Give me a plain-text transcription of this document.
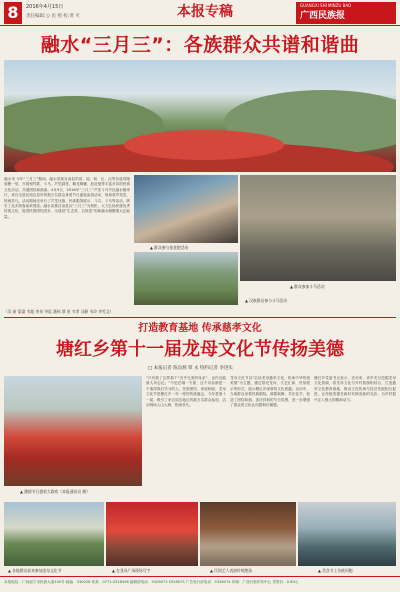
8	2016年4月15日
责任编辑:公 民 照 校:黄 可	本报专稿	GUANGXI SHI MINZU BAO
广西民族报
融水“三月三”：各族群众共谱和谐曲
融水讯 今年“三月三”期间，融水苗族自治县的苗、瑶、侗、壮、汉等各族同胞欢聚一堂，开展相约歌、斗马、芦笙踩堂、舞龙舞狮、抢花炮等丰富多彩的民族文化活动，共谱团结和谐曲。4月9日，2016年“三月三”芦笙斗马节在融水镇举行，来自全县及周边县市的数万名群众身着节日盛装参加活动，现场欢声笑语，热闹非凡。活动期间还举行了芦笙比赛、民族服饰展示、斗鸟、斗马等活动，吸引了众多游客前来观赏。融水苗族自治县以“三月三”为契机，大力弘扬民族优秀传统文化，促进民族团结进步，为建设“生态美、百姓富”的新融水凝聚强大正能量。
（吴 新 梁淑 韦超 李泉 岑思 潘伟 覃 星 韦孝 冯静 韦玲 李雪文）
▲ 群众参与抢花炮活动
▲ 群众参加斗马活动
▲ 汉族群众参与斗马活动
打造教育基地 传承慈孝文化
塘红乡第十一届龙母文化节传扬美德
□ 本报记者 陈良炳 覃 永 特约记者 李进头
▲ 激情节日盛装大联欢（本报通讯员 摄）
“只有做了这样那个“近乎完美的母亲”，也许还能被人所忘记。”不论在哪一方面，这个母亲都是一个值得我们学习的人。民族团结，家庭和睦，龙母文化节是塘红乡一年一度的传统盛会，今年是第十一届，吸引了来自周边地区的数万名群众参加，活动现场人山人海，热闹非凡。
龙母文化节以“弘扬龙母慈孝文化，传承中华传统美德”为主题，通过祭祀龙母、文艺汇演、民俗展示等形式，展示塘红乡深厚的文化底蕴。活动中，当地群众身着民族服装，载歌载舞，共庆佳节，营造了团结和谐、喜庆祥和的节日氛围，进一步增强了群众的文化认同感和归属感。
塘红乡党委书记表示，近年来，该乡充分挖掘龙母文化资源，将龙母文化与乡村旅游相结合，打造慈孝文化教育基地，推动文化传承与经济发展相互促进，让传统美德在新时代焕发新的光彩，为乡村振兴注入强大的精神动力。
▲ 各地群众前来参加龙母文化节	▲ 在龙母广场现场写字	▲ 民间艺人表演传统绝技	▲ 美食节上各族同胞
本报地址：广西南宁市民族大道100号 邮编：530028 传真：0771-5328496 编辑部电话：5328073 5328075 广告发行部电话：5328074 印刷：广西日报印务中心 零售价：0.60元
